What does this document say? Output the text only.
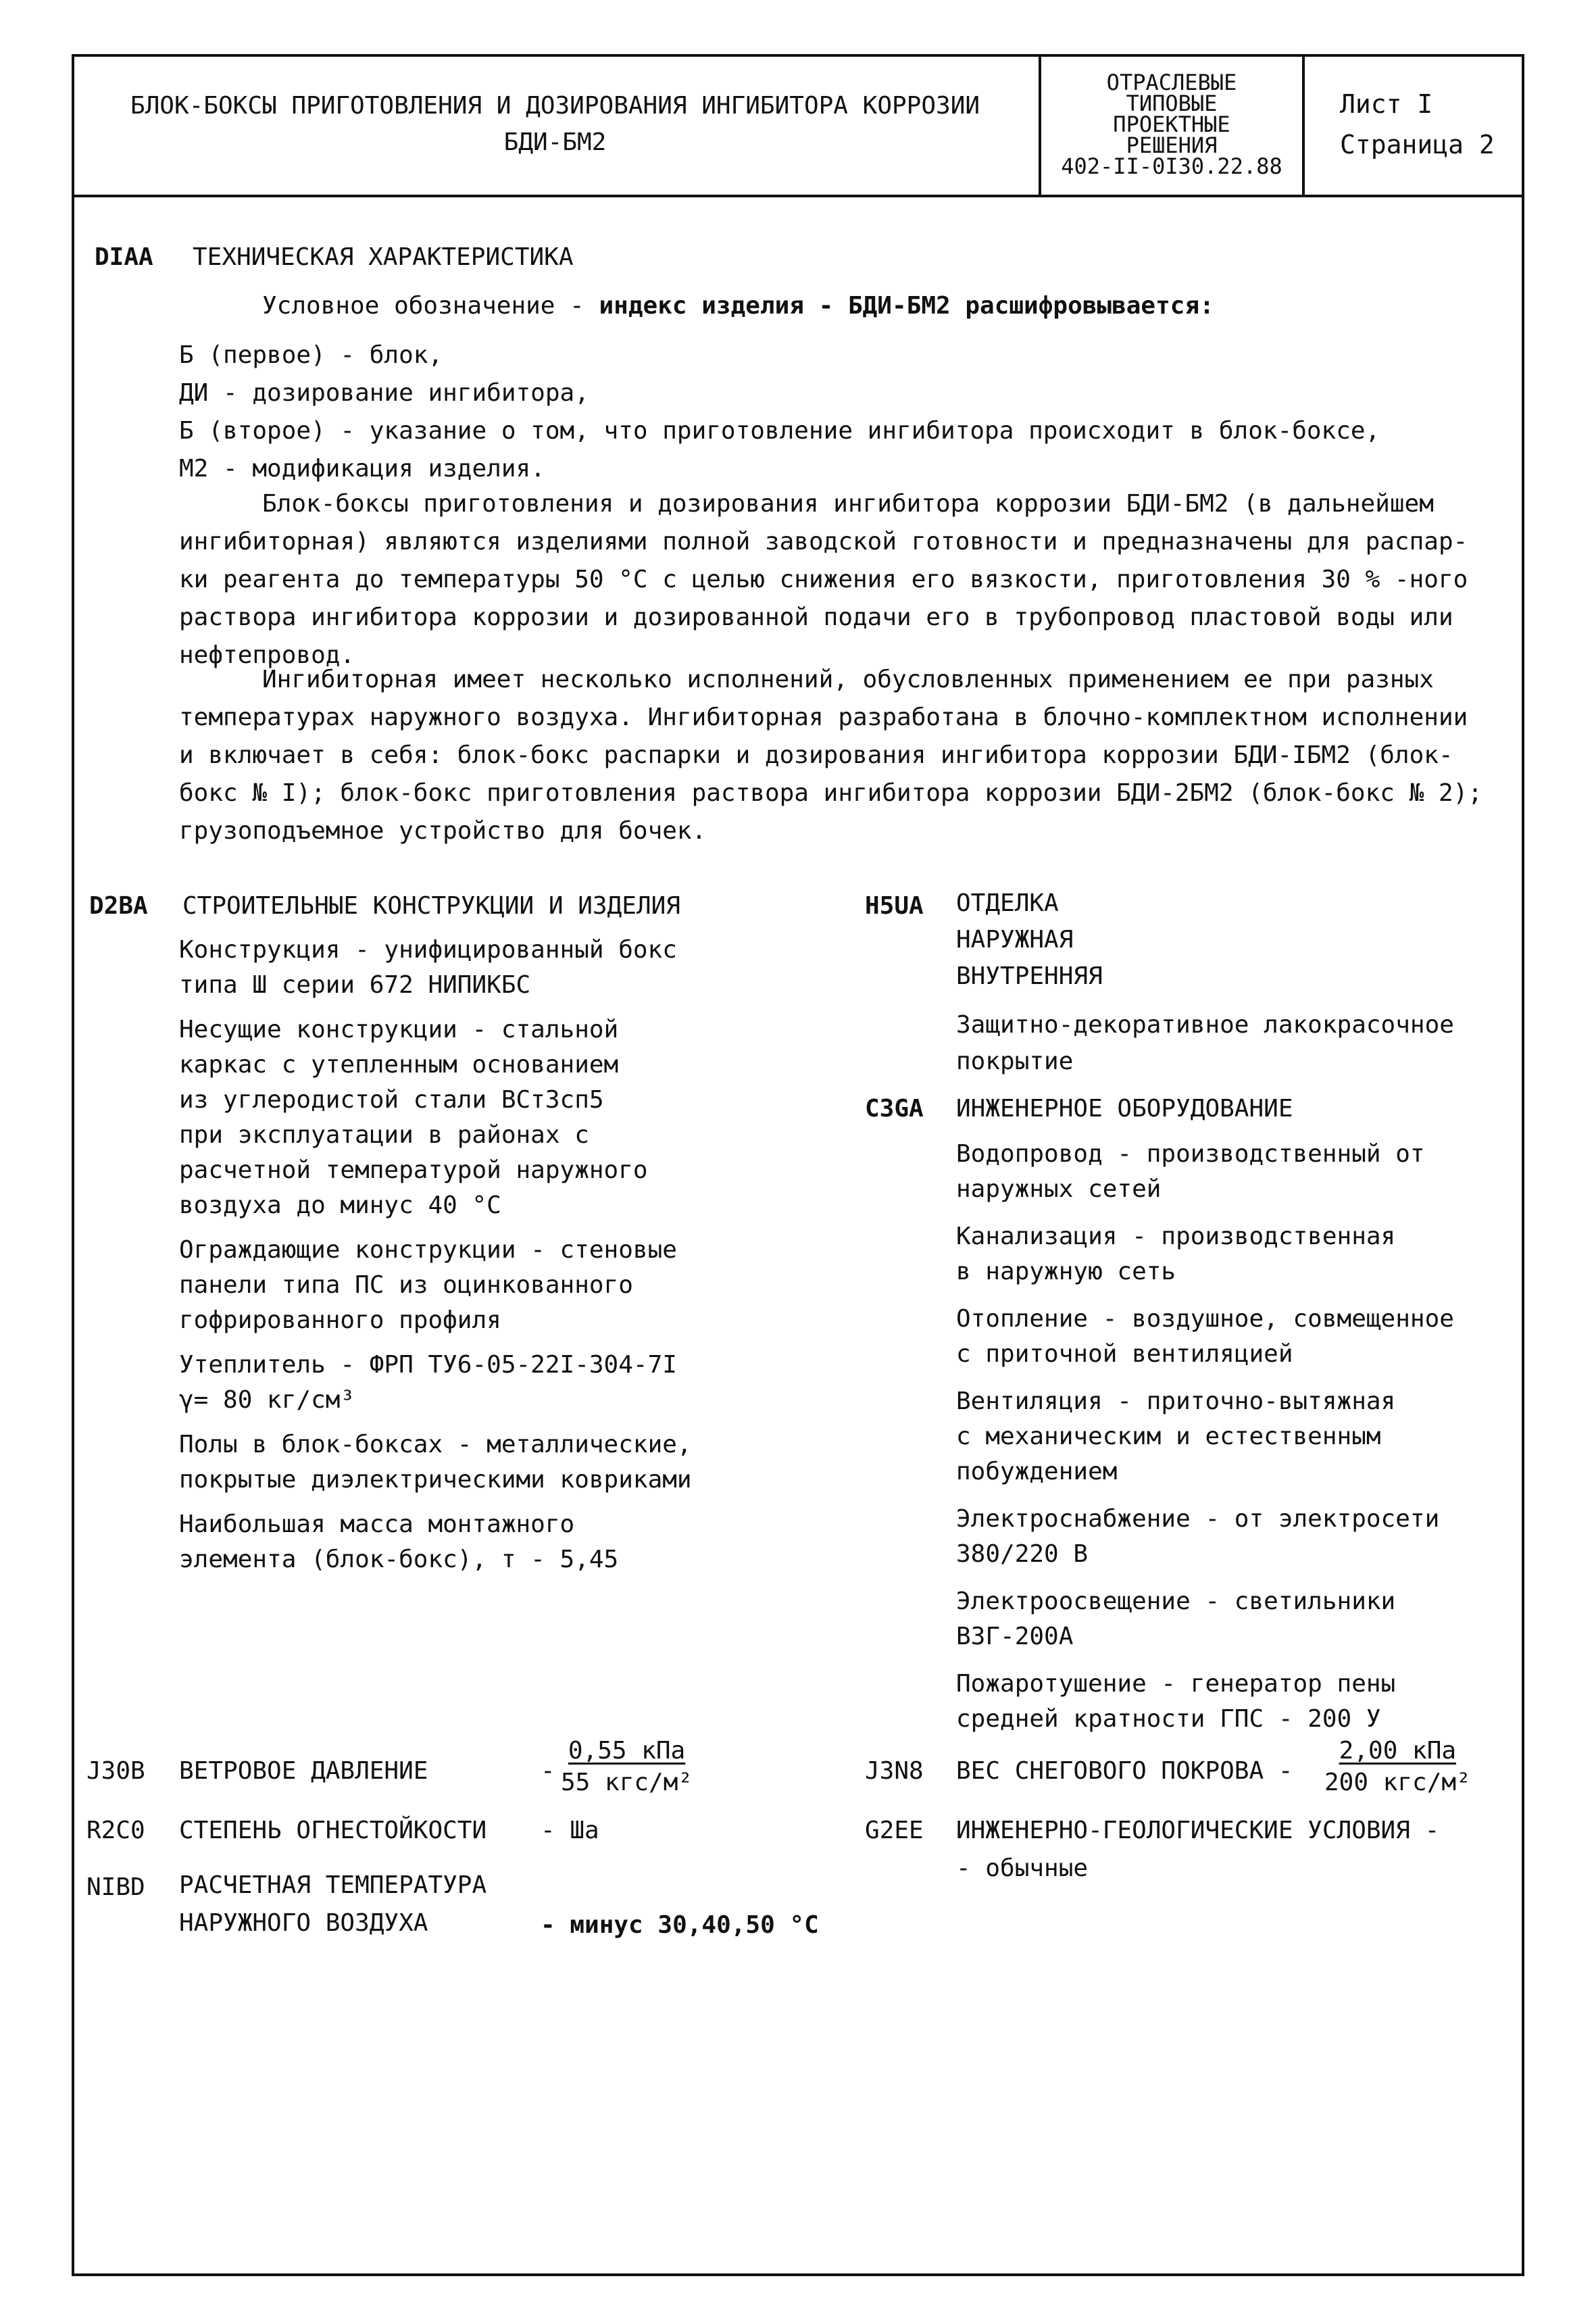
БЛОК-БОКСЫ ПРИГОТОВЛЕНИЯ И ДОЗИРОВАНИЯ ИНГИБИТОРА КОРРОЗИИ
БДИ-БМ2
ОТРАСЛЕВЫЕ
ТИПОВЫЕ
ПРОЕКТНЫЕ
РЕШЕНИЯ
402-II-0I30.22.88
Лист I
Страница 2
DIAA ТЕХНИЧЕСКАЯ ХАРАКТЕРИСТИКА
Условное обозначение - индекс изделия - БДИ-БМ2 расшифровывается:
Б (первое) - блок,
ДИ - дозирование ингибитора,
Б (второе) - указание о том, что приготовление ингибитора происходит в блок-боксе,
М2 - модификация изделия.
Блок-боксы приготовления и дозирования ингибитора коррозии БДИ-БМ2 (в дальнейшем
ингибиторная) являются изделиями полной заводской готовности и предназначены для распар-
ки реагента до температуры 50 °С с целью снижения его вязкости, приготовления 30 % -ного
раствора ингибитора коррозии и дозированной подачи его в трубопровод пластовой воды или
нефтепровод.
Ингибиторная имеет несколько исполнений, обусловленных применением ее при разных
температурах наружного воздуха. Ингибиторная разработана в блочно-комплектном исполнении
и включает в себя: блок-бокс распарки и дозирования ингибитора коррозии БДИ-IБМ2 (блок-
бокс № I); блок-бокс приготовления раствора ингибитора коррозии БДИ-2БМ2 (блок-бокс № 2);
грузоподъемное устройство для бочек.
D2BA СТРОИТЕЛЬНЫЕ КОНСТРУКЦИИ И ИЗДЕЛИЯ
Конструкция - унифицированный бокс
типа Ш серии 672 НИПИКБС
Несущие конструкции - стальной
каркас с утепленным основанием
из углеродистой стали ВСт3сп5
при эксплуатации в районах с
расчетной температурой наружного
воздуха до минус 40 °С
Ограждающие конструкции - стеновые
панели типа ПС из оцинкованного
гофрированного профиля
Утеплитель - ФРП ТУ6-05-22I-304-7I
γ= 80 кг/см³
Полы в блок-боксах - металлические,
покрытые диэлектрическими ковриками
Наибольшая масса монтажного
элемента (блок-бокс), т - 5,45
H5UA ОТДЕЛКА
НАРУЖНАЯ
ВНУТРЕННЯЯ
Защитно-декоративное лакокрасочное
покрытие
C3GA ИНЖЕНЕРНОЕ ОБОРУДОВАНИЕ
Водопровод - производственный от
наружных сетей
Канализация - производственная
в наружную сеть
Отопление - воздушное, совмещенное
с приточной вентиляцией
Вентиляция - приточно-вытяжная
с механическим и естественным
побуждением
Электроснабжение - от электросети
380/220 В
Электроосвещение - светильники
ВЗГ-200А
Пожаротушение - генератор пены
средней кратности ГПС - 200 У
J30B ВЕТРОВОЕ ДАВЛЕНИЕ	-
0,55 кПа
55 кгс/м²
R2C0 СТЕПЕНЬ ОГНЕСТОЙКОСТИ - Ша
NIBD РАСЧЕТНАЯ ТЕМПЕРАТУРА
НАРУЖНОГО ВОЗДУХА	- минус 30,40,50 °С
J3N8 ВЕС СНЕГОВОГО ПОКРОВА -
2,00 кПа
200 кгс/м²
G2EE ИНЖЕНЕРНО-ГЕОЛОГИЧЕСКИЕ УСЛОВИЯ -
- обычные
